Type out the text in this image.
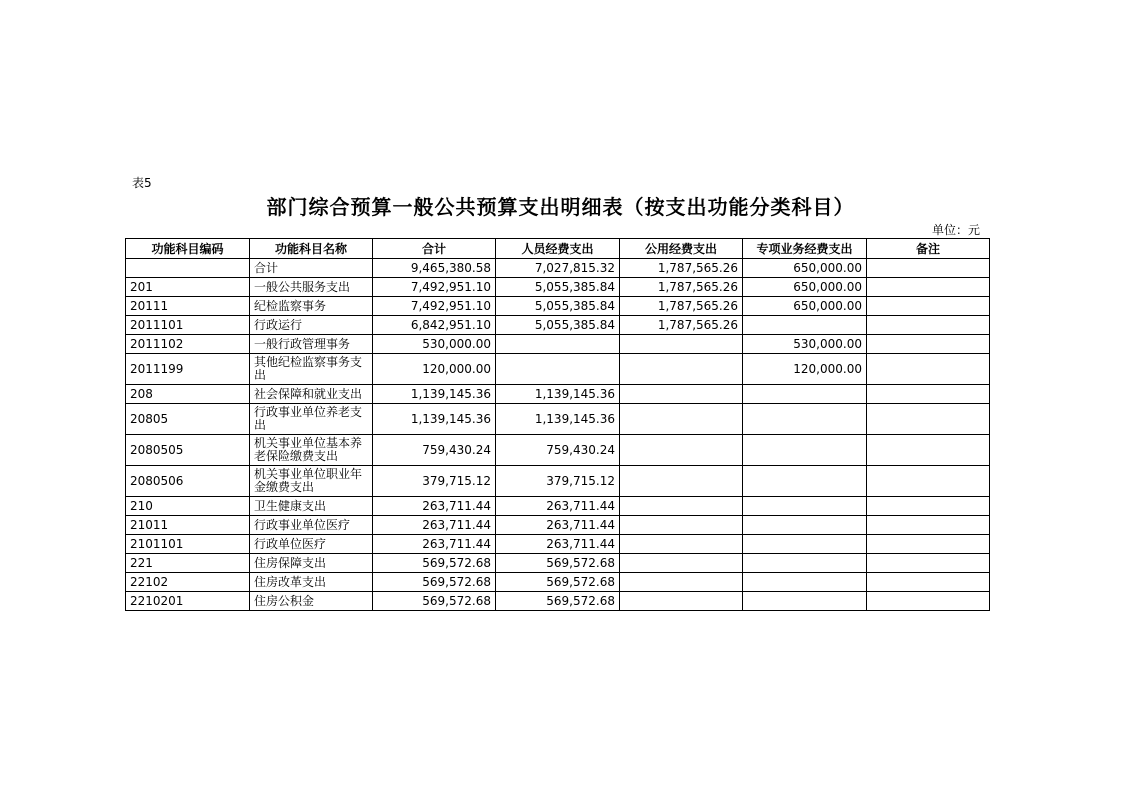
表5
部门综合预算一般公共预算支出明细表（按支出功能分类科目）
单位：元
功能科目编码	功能科目名称	合计	人员经费支出	公用经费支出	专项业务经费支出	备注
	合计	9,465,380.58	7,027,815.32	1,787,565.26	650,000.00	
201	一般公共服务支出	7,492,951.10	5,055,385.84	1,787,565.26	650,000.00	
20111	纪检监察事务	7,492,951.10	5,055,385.84	1,787,565.26	650,000.00	
2011101	行政运行	6,842,951.10	5,055,385.84	1,787,565.26		
2011102	一般行政管理事务	530,000.00			530,000.00	
2011199	其他纪检监察事务支出	120,000.00			120,000.00	
208	社会保障和就业支出	1,139,145.36	1,139,145.36			
20805	行政事业单位养老支出	1,139,145.36	1,139,145.36			
2080505	机关事业单位基本养老保险缴费支出	759,430.24	759,430.24			
2080506	机关事业单位职业年金缴费支出	379,715.12	379,715.12			
210	卫生健康支出	263,711.44	263,711.44			
21011	行政事业单位医疗	263,711.44	263,711.44			
2101101	行政单位医疗	263,711.44	263,711.44			
221	住房保障支出	569,572.68	569,572.68			
22102	住房改革支出	569,572.68	569,572.68			
2210201	住房公积金	569,572.68	569,572.68			
